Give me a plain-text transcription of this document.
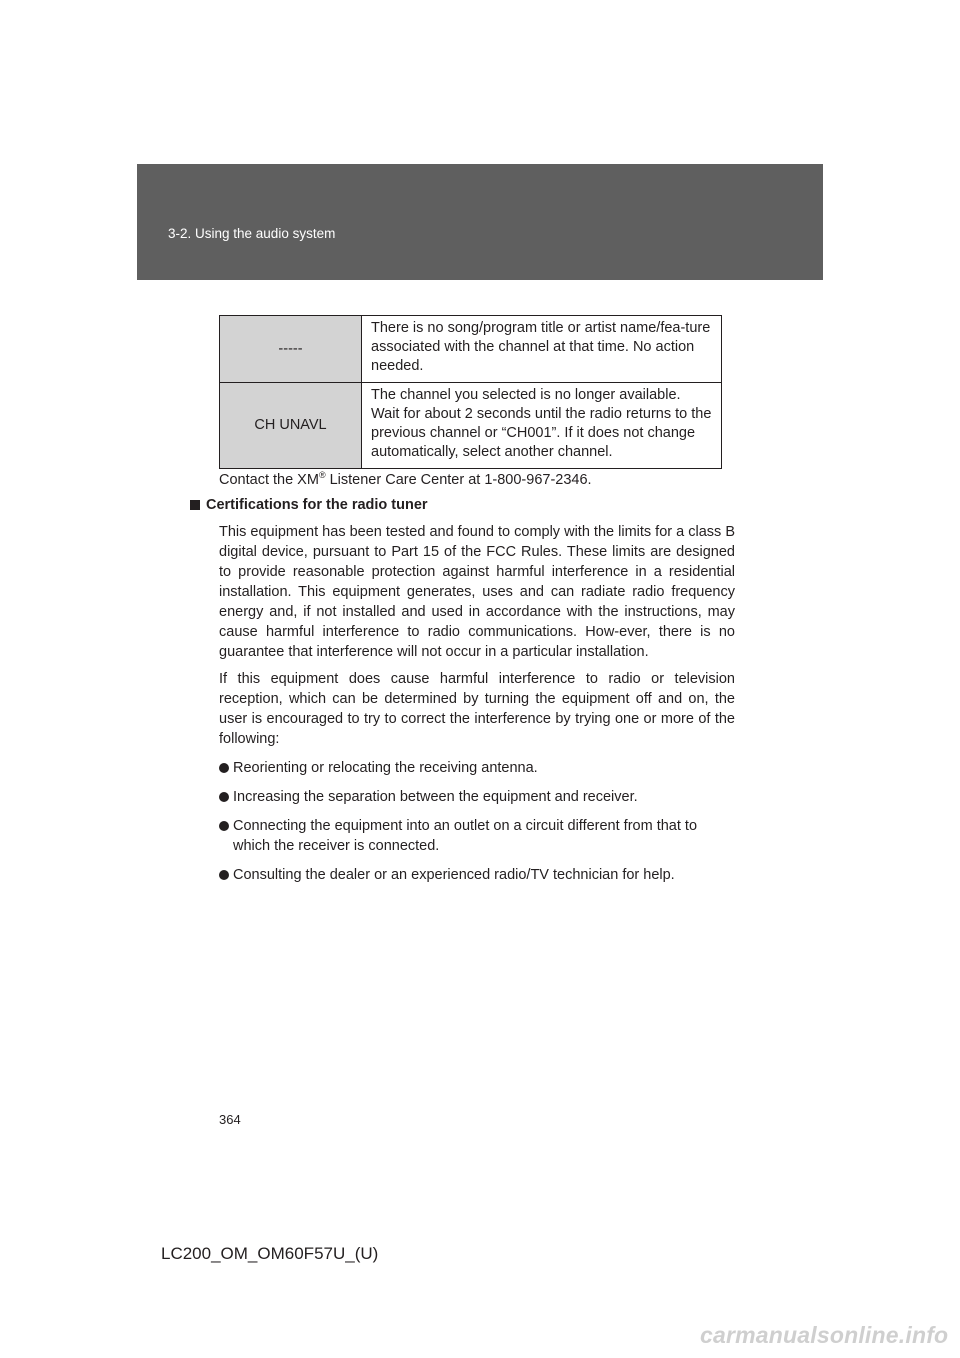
3-2. Using the audio system
-----	There is no song/program title or artist name/fea-ture associated with the channel at that time. No action needed.
CH UNAVL	The channel you selected is no longer available. Wait for about 2 seconds until the radio returns to the previous channel or “CH001”. If it does not change automatically, select another channel.

Contact the XM® Listener Care Center at 1-800-967-2346.

Certifications for the radio tuner

This equipment has been tested and found to comply with the limits for a class B digital device, pursuant to Part 15 of the FCC Rules. These limits are designed to provide reasonable protection against harmful interference in a residential installation. This equipment generates, uses and can radiate radio frequency energy and, if not installed and used in accordance with the instructions, may cause harmful interference to radio communications. How-ever, there is no guarantee that interference will not occur in a particular installation.

If this equipment does cause harmful interference to radio or television reception, which can be determined by turning the equipment off and on, the user is encouraged to try to correct the interference by trying one or more of the following:

Reorienting or relocating the receiving antenna.
Increasing the separation between the equipment and receiver.
Connecting the equipment into an outlet on a circuit different from that to which the receiver is connected.
Consulting the dealer or an experienced radio/TV technician for help.
364
LC200_OM_OM60F57U_(U)
carmanualsonline.info
